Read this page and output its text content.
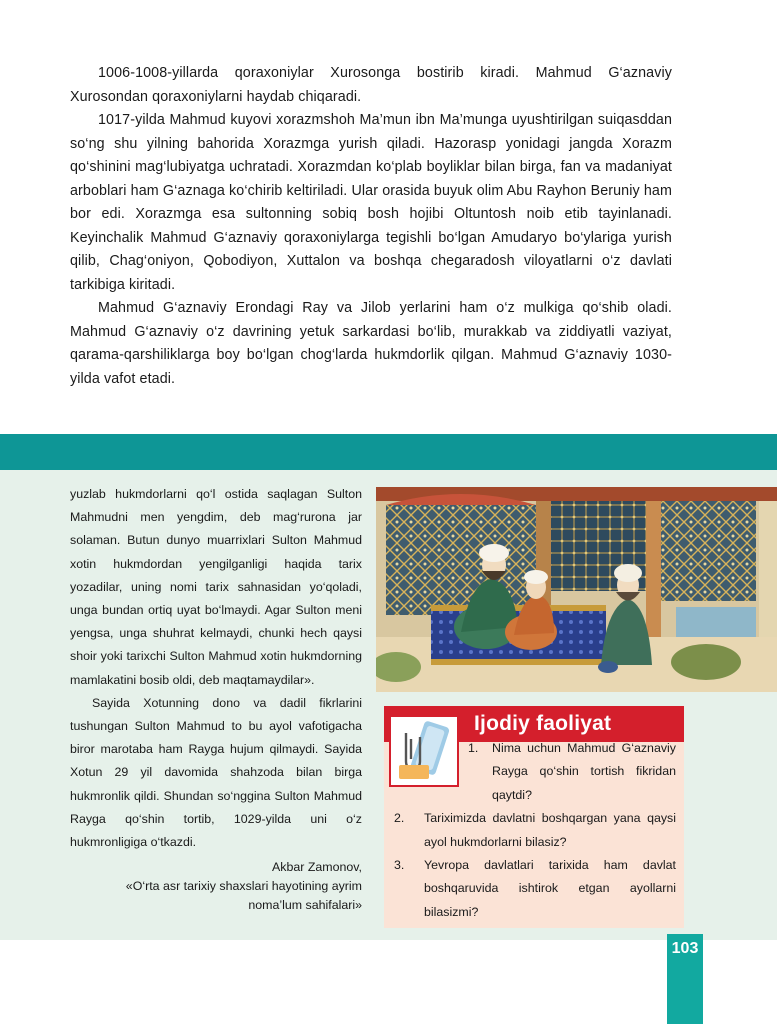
1006-1008-yillarda qoraxoniylar Xurosonga bostirib kiradi. Mahmud G‘aznaviy Xurosondan qoraxoniylarni haydab chiqaradi.

1017-yilda Mahmud kuyovi xorazmshoh Ma’mun ibn Ma’munga uyushtirilgan suiqasddan so‘ng shu yilning bahorida Xorazmga yurish qiladi. Hazorasp yonidagi jangda Xorazm qo‘shinini mag‘lubiyatga uchratadi. Xorazmdan ko‘plab boyliklar bilan birga, fan va madaniyat arboblari ham G‘aznaga ko‘chirib keltiriladi. Ular orasida buyuk olim Abu Rayhon Beruniy ham bor edi. Xorazmga esa sultonning sobiq bosh hojibi Oltuntosh noib etib tayinlanadi. Keyinchalik Mahmud G‘aznaviy qoraxoniylarga tegishli bo‘lgan Amudaryo bo‘ylariga yurish qilib, Chag‘oniyon, Qobodiyon, Xuttalon va boshqa chegaradosh viloyatlarni o‘z davlati tarkibiga kiritadi.

Mahmud G‘aznaviy Erondagi Ray va Jilob yerlarini ham o‘z mulkiga qo‘shib oladi. Mahmud G‘aznaviy o‘z davrining yetuk sarkardasi bo‘lib, murakkab va ziddiyatli vaziyat, qarama-qarshiliklarga boy bo‘lgan chog‘larda hukmdorlik qilgan. Mahmud G‘aznaviy 1030-yilda vafot etadi.

yuzlab hukmdorlarni qo‘l ostida saqlagan Sulton Mahmudni men yengdim, deb mag‘rurona jar solaman. Butun dunyo muarrixlari Sulton Mahmud xotin hukmdordan yengilganligi haqida tarix yozadilar, uning nomi tarix sahnasidan yo‘qoladi, unga bundan ortiq uyat bo‘lmaydi. Agar Sulton meni yengsa, unga shuhrat kelmaydi, chunki hech qaysi shoir yoki tarixchi Sulton Mahmud xotin hukmdorning mamlakatini bosib oldi, deb maqtamaydilar».

Sayida Xotunning dono va dadil fikrlarini tushungan Sulton Mahmud to bu ayol vafotigacha biror marotaba ham Rayga hujum qilmaydi. Sayida Xotun 29 yil davomida shahzoda bilan birga hukmronlik qildi. Shundan so‘nggina Sulton Mahmud Rayga qo‘shin tortib, 1029-yilda uni o‘z hukmronligiga o‘tkazdi.

Akbar Zamonov,
«O‘rta asr tarixiy shaxslari hayotining ayrim noma’lum sahifalari»
Ijodiy faoliyat
1. Nima uchun Mahmud G‘aznaviy Rayga qo‘shin tortish fikridan qaytdi?
2. Tariximizda davlatni boshqargan yana qaysi ayol hukmdorlarni bilasiz?
3. Yevropa davlatlari tarixida ham davlat boshqaruvida ishtirok etgan ayollarni bilasizmi?
103
